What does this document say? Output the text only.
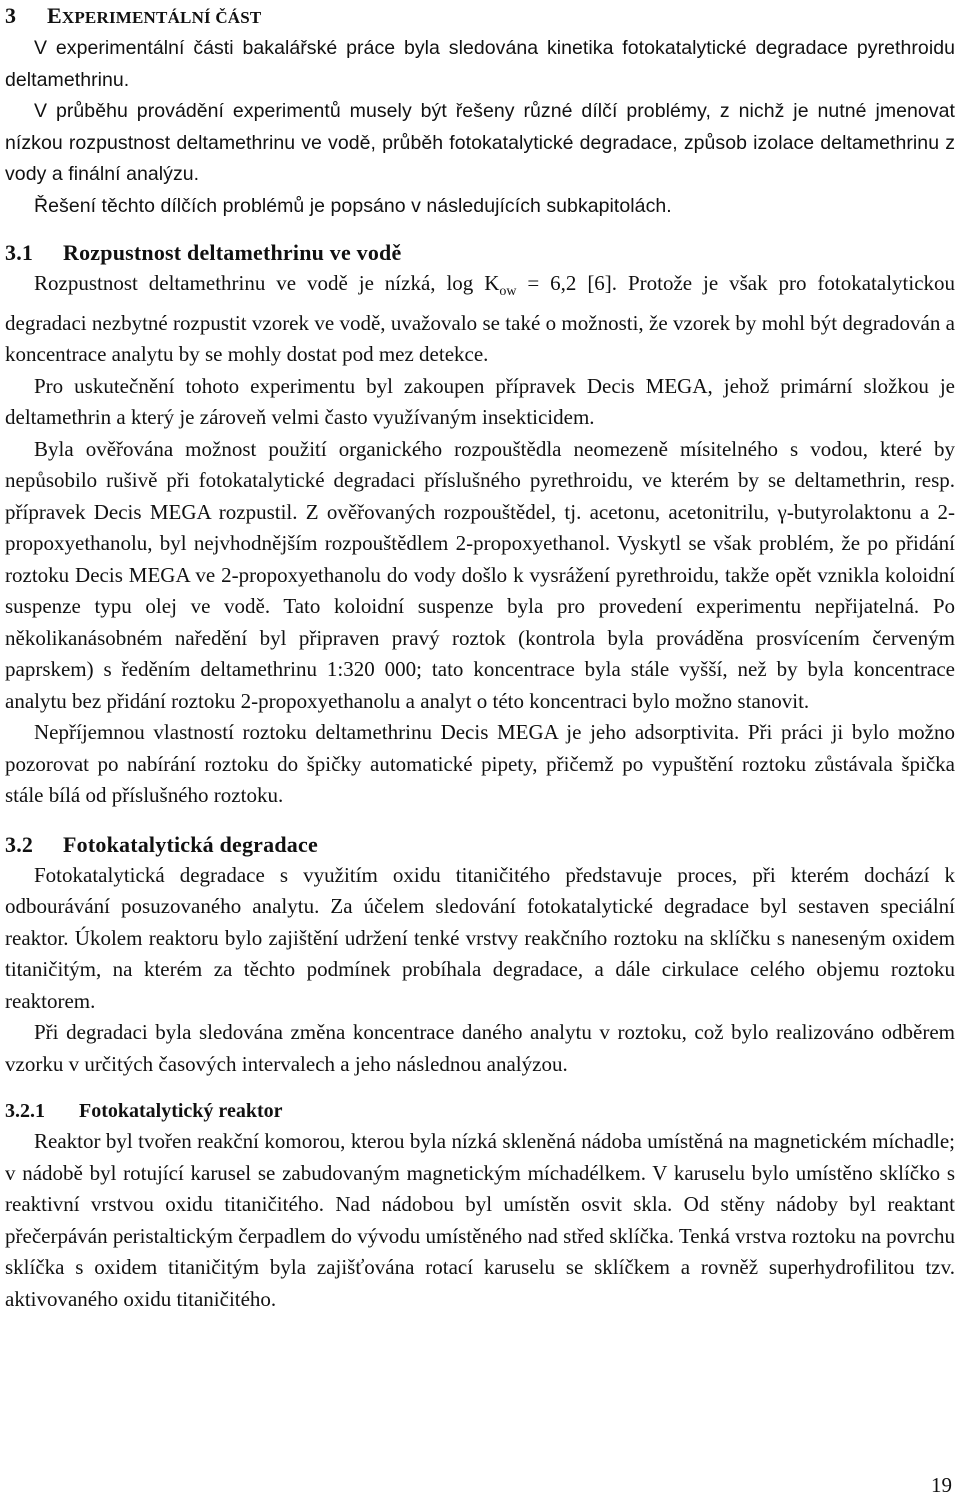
3 EXPERIMENTÁLNÍ ČÁST

V experimentální části bakalářské práce byla sledována kinetika fotokatalytické degradace pyrethroidu deltamethrinu.

V průběhu provádění experimentů musely být řešeny různé dílčí problémy, z nichž je nutné jmenovat nízkou rozpustnost deltamethrinu ve vodě, průběh fotokatalytické degradace, způsob izolace deltamethrinu z vody a finální analýzu.

Řešení těchto dílčích problémů je popsáno v následujících subkapitolách.

3.1 Rozpustnost deltamethrinu ve vodě

Rozpustnost deltamethrinu ve vodě je nízká, $\log K_{ow} = 6,2$ [6]. Protože je však pro fotokatalytickou degradaci nezbytné rozpustit vzorek ve vodě, uvažovalo se také o možnosti, že vzorek by mohl být degradován a koncentrace analytu by se mohly dostat pod mez detekce.

Pro uskutečnění tohoto experimentu byl zakoupen přípravek Decis MEGA, jehož primární složkou je deltamethrin a který je zároveň velmi často využívaným insekticidem.

Byla ověřována možnost použití organického rozpouštědla neomezeně mísitelného s vodou, které by nepůsobilo rušivě při fotokatalytické degradaci příslušného pyrethroidu, ve kterém by se deltamethrin, resp. přípravek Decis MEGA rozpustil. Z ověřovaných rozpouštědel, tj. acetonu, acetonitrilu, γ-butyrolaktonu a 2-propoxyethanolu, byl nejvhodnějším rozpouštědlem 2-propoxyethanol. Vyskytl se však problém, že po přidání roztoku Decis MEGA ve 2-propoxyethanolu do vody došlo k vysrážení pyrethroidu, takže opět vznikla koloidní suspenze typu olej ve vodě. Tato koloidní suspenze byla pro provedení experimentu nepřijatelná. Po několikanásobném naředění byl připraven pravý roztok (kontrola byla prováděna prosvícením červeným paprskem) s ředěním deltamethrinu 1:320 000; tato koncentrace byla stále vyšší, než by byla koncentrace analytu bez přidání roztoku 2-propoxyethanolu a analyt o této koncentraci bylo možno stanovit.

Nepříjemnou vlastností roztoku deltamethrinu Decis MEGA je jeho adsorptivita. Při práci ji bylo možno pozorovat po nabírání roztoku do špičky automatické pipety, přičemž po vypuštění roztoku zůstávala špička stále bílá od příslušného roztoku.

3.2 Fotokatalytická degradace

Fotokatalytická degradace s využitím oxidu titaničitého představuje proces, při kterém dochází k odbourávání posuzovaného analytu. Za účelem sledování fotokatalytické degradace byl sestaven speciální reaktor. Úkolem reaktoru bylo zajištění udržení tenké vrstvy reakčního roztoku na sklíčku s naneseným oxidem titaničitým, na kterém za těchto podmínek probíhala degradace, a dále cirkulace celého objemu roztoku reaktorem.

Při degradaci byla sledována změna koncentrace daného analytu v roztoku, což bylo realizováno odběrem vzorku v určitých časových intervalech a jeho následnou analýzou.

3.2.1 Fotokatalytický reaktor

Reaktor byl tvořen reakční komorou, kterou byla nízká skleněná nádoba umístěná na magnetickém míchadle; v nádobě byl rotující karusel se zabudovaným magnetickým míchadélkem. V karuselu bylo umístěno sklíčko s reaktivní vrstvou oxidu titaničitého. Nad nádobou byl umístěn osvit skla. Od stěny nádoby byl reaktant přečerpáván peristaltickým čerpadlem do vývodu umístěného nad střed sklíčka. Tenká vrstva roztoku na povrchu sklíčka s oxidem titaničitým byla zajišťována rotací karuselu se sklíčkem a rovněž superhydrofilitou tzv. aktivovaného oxidu titaničitého.

19
